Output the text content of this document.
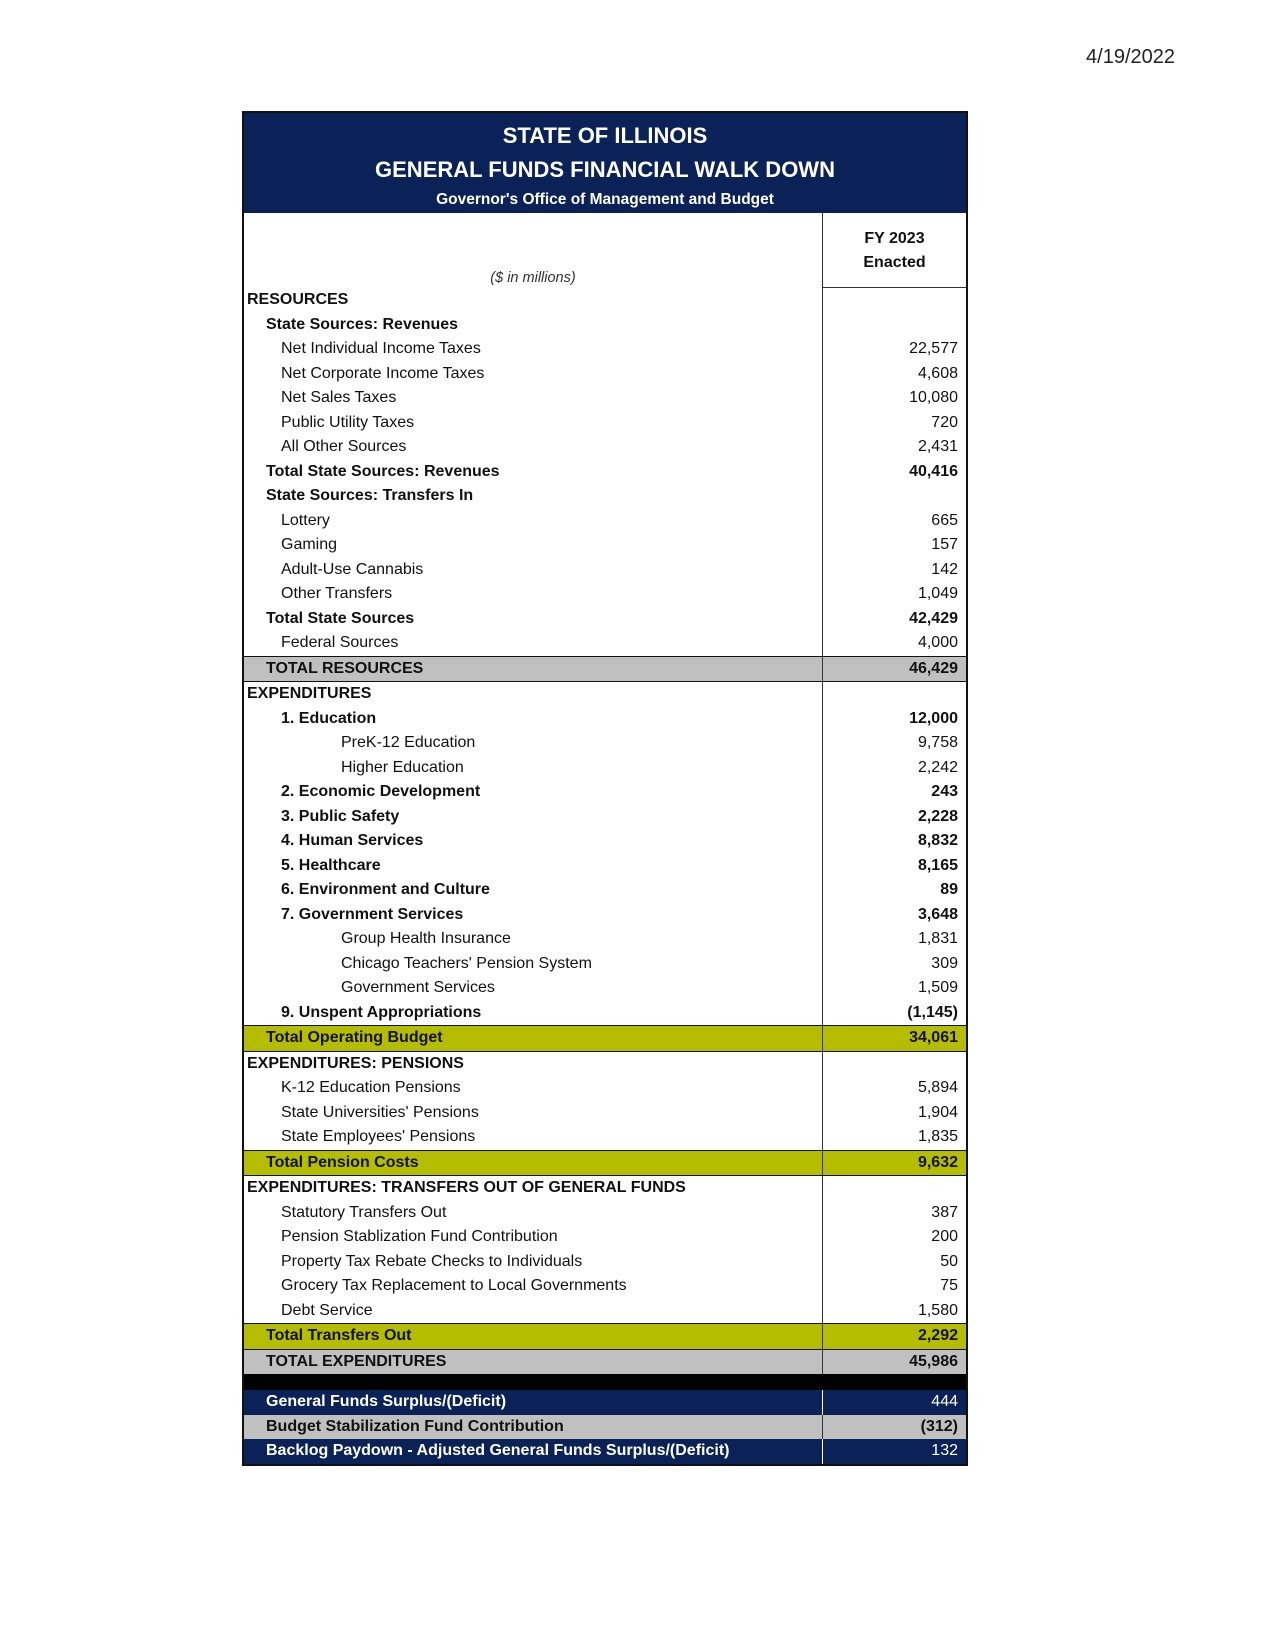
4/19/2022
STATE OF ILLINOIS
GENERAL FUNDS FINANCIAL WALK DOWN
Governor's Office of Management and Budget
($ in millions)
FY 2023
Enacted
RESOURCES
State Sources: Revenues
Net Individual Income Taxes	22,577
Net Corporate Income Taxes	4,608
Net Sales Taxes	10,080
Public Utility Taxes	720
All Other Sources	2,431
Total State Sources: Revenues	40,416
State Sources: Transfers In
Lottery	665
Gaming	157
Adult-Use Cannabis	142
Other Transfers	1,049
Total State Sources	42,429
Federal Sources	4,000
TOTAL RESOURCES	46,429
EXPENDITURES
1. Education	12,000
PreK-12 Education	9,758
Higher Education	2,242
2. Economic Development	243
3. Public Safety	2,228
4. Human Services	8,832
5. Healthcare	8,165
6. Environment and Culture	89
7. Government Services	3,648
Group Health Insurance	1,831
Chicago Teachers' Pension System	309
Government Services	1,509
9. Unspent Appropriations	(1,145)
Total Operating Budget	34,061
EXPENDITURES: PENSIONS
K-12 Education Pensions	5,894
State Universities' Pensions	1,904
State Employees' Pensions	1,835
Total Pension Costs	9,632
EXPENDITURES: TRANSFERS OUT OF GENERAL FUNDS
Statutory Transfers Out	387
Pension Stablization Fund Contribution	200
Property Tax Rebate Checks to Individuals	50
Grocery Tax Replacement to Local Governments	75
Debt Service	1,580
Total Transfers Out	2,292
TOTAL EXPENDITURES	45,986
General Funds Surplus/(Deficit)	444
Budget Stabilization Fund Contribution	(312)
Backlog Paydown - Adjusted General Funds Surplus/(Deficit)	132
